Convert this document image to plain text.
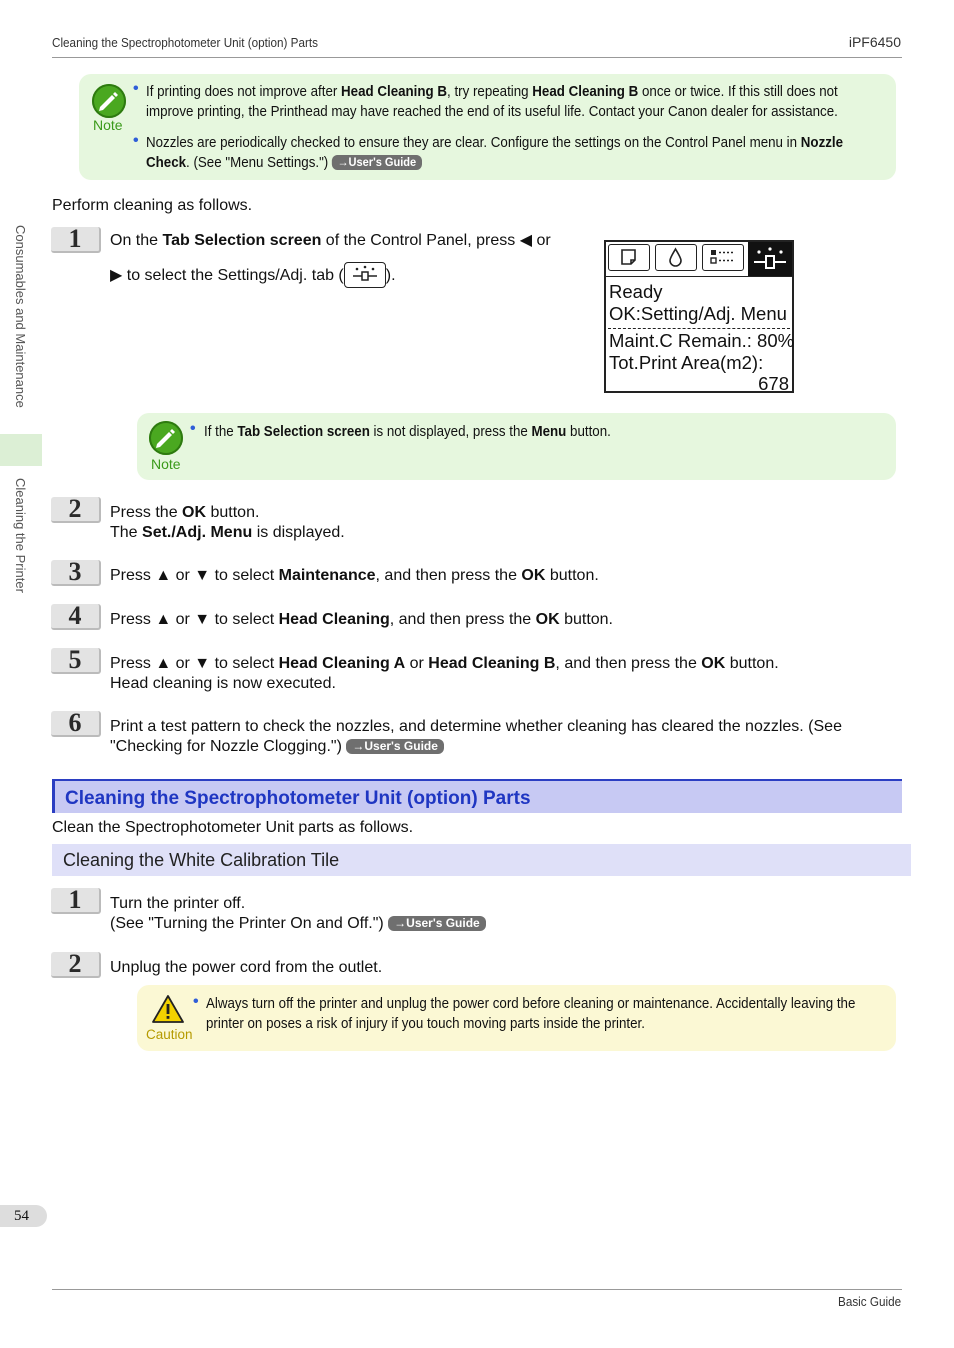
Cleaning the Spectrophotometer Unit (option) Parts	iPF6450
Consumables and Maintenance
Cleaning the Printer
Note
• If printing does not improve after Head Cleaning B, try repeating Head Cleaning B once or twice. If this still does not
improve printing, the Printhead may have reached the end of its useful life. Contact your Canon dealer for assistance.
• Nozzles are periodically checked to ensure they are clear. Configure the settings on the Control Panel menu in Nozzle
Check. (See "Menu Settings.") →User's Guide
Perform cleaning as follows.
1	On the Tab Selection screen of the Control Panel, press ◀ or
▶ to select the Settings/Adj. tab (	).
Ready
OK:Setting/Adj. Menu
Maint.C Remain.: 80%
Tot.Print Area(m2):
678
Note
• If the Tab Selection screen is not displayed, press the Menu button.
2	Press the OK button.
The Set./Adj. Menu is displayed.
3	Press ▲ or ▼ to select Maintenance, and then press the OK button.
4	Press ▲ or ▼ to select Head Cleaning, and then press the OK button.
5	Press ▲ or ▼ to select Head Cleaning A or Head Cleaning B, and then press the OK button.
Head cleaning is now executed.
6	Print a test pattern to check the nozzles, and determine whether cleaning has cleared the nozzles. (See
"Checking for Nozzle Clogging.") →User's Guide
Cleaning the Spectrophotometer Unit (option) Parts
Clean the Spectrophotometer Unit parts as follows.
Cleaning the White Calibration Tile
1	Turn the printer off.
(See "Turning the Printer On and Off.") →User's Guide
2	Unplug the power cord from the outlet.
Caution
• Always turn off the printer and unplug the power cord before cleaning or maintenance. Accidentally leaving the
printer on poses a risk of injury if you touch moving parts inside the printer.
54
Basic Guide
